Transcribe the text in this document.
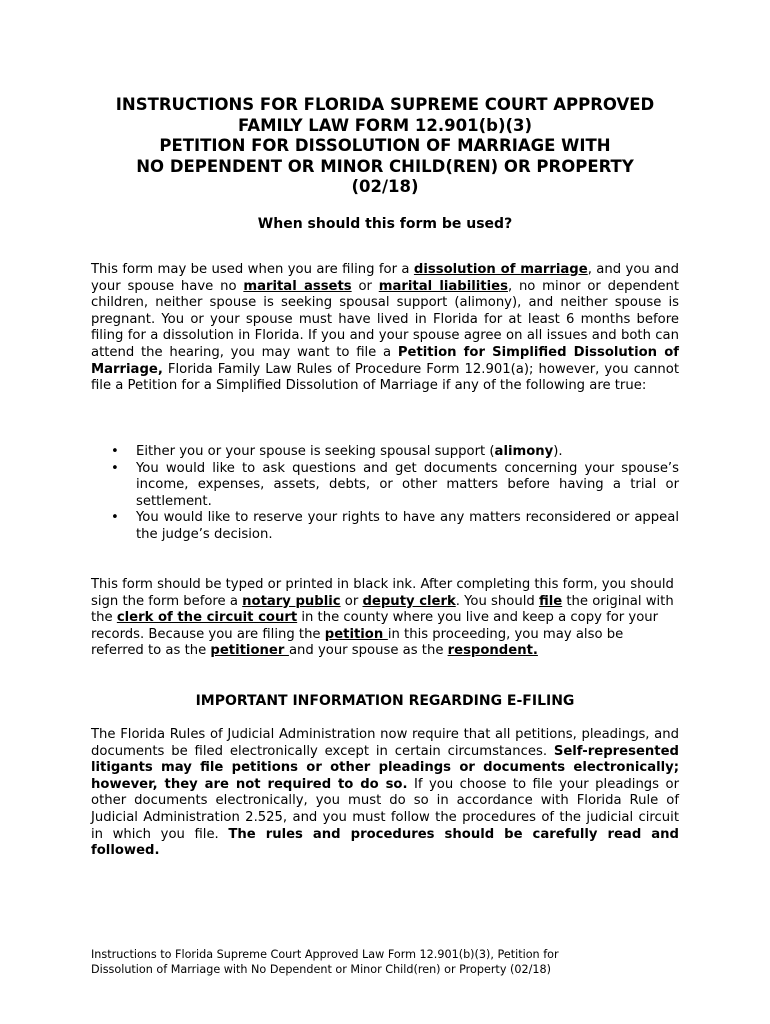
INSTRUCTIONS FOR FLORIDA SUPREME COURT APPROVED
FAMILY LAW FORM 12.901(b)(3)
PETITION FOR DISSOLUTION OF MARRIAGE WITH
NO DEPENDENT OR MINOR CHILD(REN) OR PROPERTY
(02/18)
When should this form be used?
This form may be used when you are filing for a dissolution of marriage, and you and your spouse have no marital assets or marital liabilities, no minor or dependent children, neither spouse is seeking spousal support (alimony), and neither spouse is pregnant. You or your spouse must have lived in Florida for at least 6 months before filing for a dissolution in Florida. If you and your spouse agree on all issues and both can attend the hearing, you may want to file a Petition for Simplified Dissolution of Marriage, Florida Family Law Rules of Procedure Form 12.901(a); however, you cannot file a Petition for a Simplified Dissolution of Marriage if any of the following are true:
• Either you or your spouse is seeking spousal support (alimony).
• You would like to ask questions and get documents concerning your spouse’s income, expenses, assets, debts, or other matters before having a trial or settlement.
• You would like to reserve your rights to have any matters reconsidered or appeal the judge’s decision.
This form should be typed or printed in black ink. After completing this form, you should sign the form before a notary public or deputy clerk. You should file the original with the clerk of the circuit court in the county where you live and keep a copy for your records. Because you are filing the petition in this proceeding, you may also be referred to as the petitioner and your spouse as the respondent.
IMPORTANT INFORMATION REGARDING E-FILING
The Florida Rules of Judicial Administration now require that all petitions, pleadings, and documents be filed electronically except in certain circumstances. Self-represented litigants may file petitions or other pleadings or documents electronically; however, they are not required to do so. If you choose to file your pleadings or other documents electronically, you must do so in accordance with Florida Rule of Judicial Administration 2.525, and you must follow the procedures of the judicial circuit in which you file. The rules and procedures should be carefully read and followed.
Instructions to Florida Supreme Court Approved Law Form 12.901(b)(3), Petition for
Dissolution of Marriage with No Dependent or Minor Child(ren) or Property (02/18)
